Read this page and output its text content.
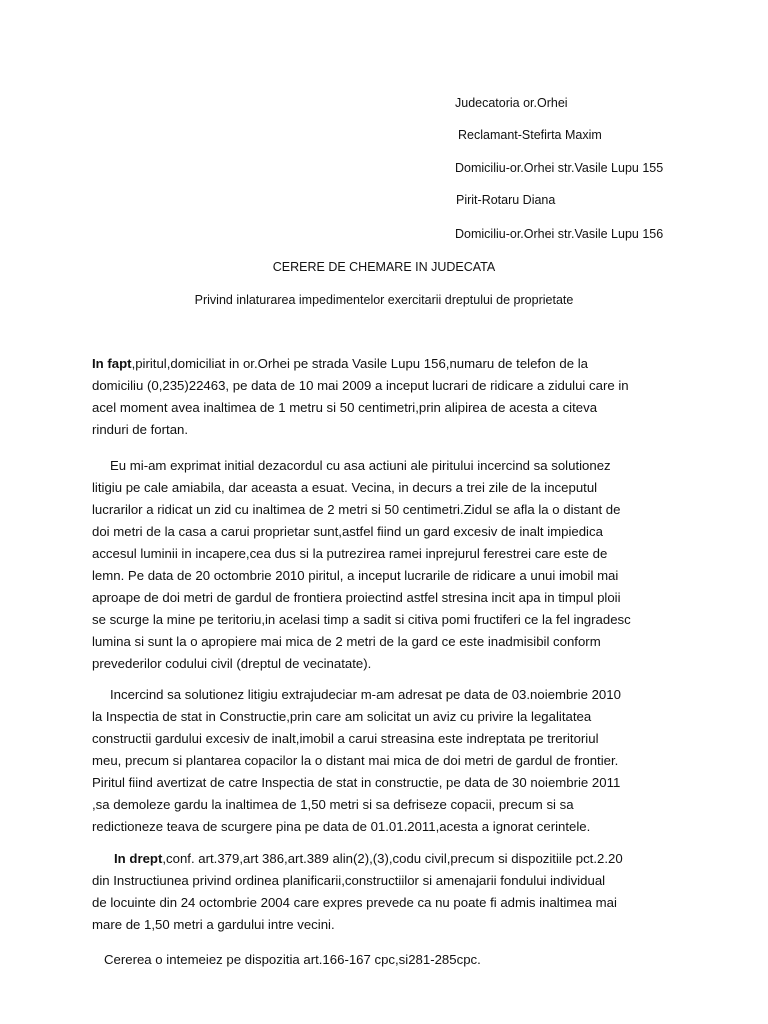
Judecatoria or.Orhei
Reclamant-Stefirta Maxim
Domiciliu-or.Orhei str.Vasile Lupu 155
Pirit-Rotaru Diana
Domiciliu-or.Orhei str.Vasile Lupu 156
CERERE DE CHEMARE IN JUDECATA
Privind inlaturarea impedimentelor exercitarii dreptului de proprietate
In fapt,piritul,domiciliat in or.Orhei pe strada Vasile Lupu 156,numaru de telefon de la
domiciliu (0,235)22463, pe data de 10 mai 2009 a inceput lucrari de ridicare a zidului care in
acel moment avea inaltimea de 1 metru si 50 centimetri,prin alipirea de acesta a citeva
rinduri de fortan.
Eu mi-am exprimat initial dezacordul cu asa actiuni ale piritului incercind sa solutionez
litigiu pe cale amiabila, dar aceasta a esuat. Vecina, in decurs a trei zile de la inceputul
lucrarilor a ridicat un zid cu inaltimea de 2 metri si 50 centimetri.Zidul se afla la o distant de
doi metri de la casa a carui proprietar sunt,astfel fiind un gard excesiv de inalt impiedica
accesul luminii in incapere,cea dus si la putrezirea ramei inprejurul ferestrei care este de
lemn. Pe data de 20 octombrie 2010 piritul, a inceput lucrarile de ridicare a unui imobil mai
aproape de doi metri de gardul de frontiera proiectind astfel stresina incit apa in timpul ploii
se scurge la mine pe teritoriu,in acelasi timp a sadit si citiva pomi fructiferi ce la fel ingradesc
lumina si sunt la o apropiere mai mica de 2 metri de la gard ce este inadmisibil conform
prevederilor codului civil (dreptul de vecinatate).
Incercind sa solutionez litigiu extrajudeciar m-am adresat pe data de 03.noiembrie 2010
la Inspectia de stat in Constructie,prin care am solicitat un aviz cu privire la legalitatea
constructii gardului excesiv de inalt,imobil a carui streasina este indreptata pe treritoriul
meu, precum si plantarea copacilor la o distant mai mica de doi metri de gardul de frontier.
Piritul fiind avertizat de catre Inspectia de stat in constructie, pe data de 30 noiembrie 2011
,sa demoleze gardu la inaltimea de 1,50 metri si sa defriseze copacii, precum si sa
redictioneze teava de scurgere pina pe data de 01.01.2011,acesta a ignorat cerintele.
In drept,conf. art.379,art 386,art.389 alin(2),(3),codu civil,precum si dispozitiile pct.2.20
din Instructiunea privind ordinea planificarii,constructiilor si amenajarii fondului individual
de locuinte din 24 octombrie 2004 care expres prevede ca nu poate fi admis inaltimea mai
mare de 1,50 metri a gardului intre vecini.
Cererea o intemeiez pe dispozitia art.166-167 cpc,si281-285cpc.
